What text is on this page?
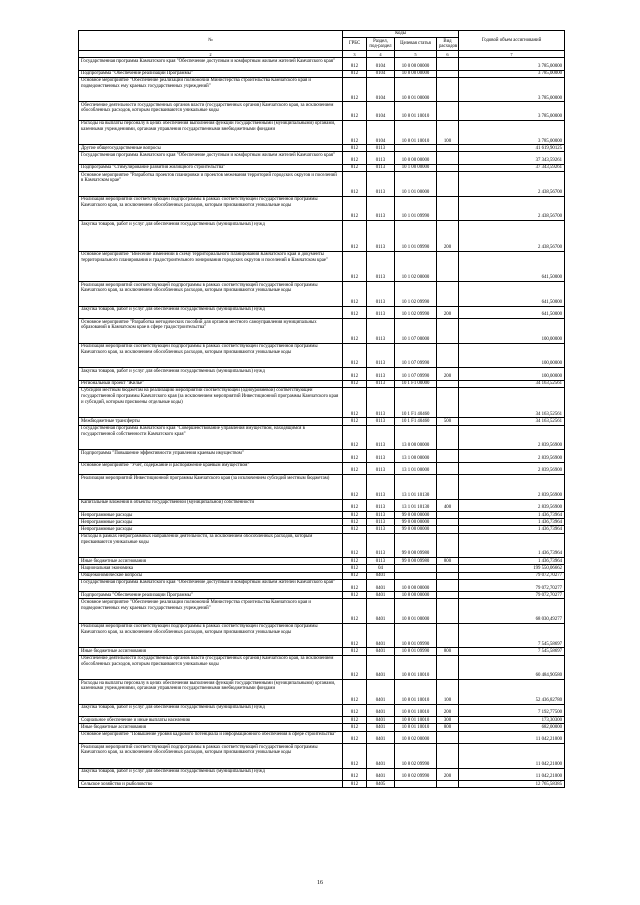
№	Коды				Годовой объем ассигнований
	ГРБС	Раздел, под-раздел	Целевая статья	Вид расходов	
2	3	4	5	6	7
Государственная программа Камчатского края "Обеспечение доступным и комфортным жильем жителей Камчатского края"	812	0104	10 0 00 00000		3 785,00000
Подпрограмма "Обеспечение реализации Программы"	812	0104	10 8 00 00000		3 785,00000
Основное мероприятие "Обеспечение реализации полномочий Министерства строительства Камчатского края и подведомственных ему краевых государственных учреждений"	812	0104	10 8 01 00000		3 785,00000
Обеспечение деятельности государственных органов власти (государственных органов) Камчатского края, за исключением обособленных расходов, которым присваиваются уникальные коды	812	0104	10 8 01 10010		3 785,00000
Расходы на выплаты персоналу в целях обеспечения выполнения функций государственными (муниципальными) органами, казенными учреждениями, органами управления государственными внебюджетными фондами	812	0104	10 8 01 10010	100	3 785,00000
Другие общегосударственные вопросы	812	0113			41 619,90125
Государственная программа Камчатского края "Обеспечение доступным и комфортным жильем жителей Камчатского края"	812	0113	10 0 00 00000		37 343,59261
Подпрограмма "Стимулирование развития жилищного строительства"	812	0113	10 1 00 00000		37 343,59261
Основное мероприятие "Разработка проектов планировки и проектов межевания территорий городских округов и поселений в Камчатском крае"	812	0113	10 1 01 00000		2 438,56700
Реализация мероприятий соответствующей подпрограммы в рамках соответствующей государственной программы Камчатского края, за исключением обособленных расходов, которым присваиваются уникальные коды	812	0113	10 1 01 09990		2 438,56700
Закупка товаров, работ и услуг для обеспечения государственных (муниципальных) нужд	812	0113	10 1 01 09990	200	2 438,56700
Основное мероприятие "Внесение изменений в схему территориального планирования Камчатского края и документы территориального планирования и градостроительного зонирования городских округов и поселений в Камчатском крае"	812	0113	10 1 02 00000		641,50000
Реализация мероприятий соответствующей подпрограммы в рамках соответствующей государственной программы Камчатского края, за исключением обособленных расходов, которым присваиваются уникальные коды	812	0113	10 1 02 09990		641,50000
Закупка товаров, работ и услуг для обеспечения государственных (муниципальных) нужд	812	0113	10 1 02 09990	200	641,50000
Основное мероприятие "Разработка методических пособий для органов местного самоуправления муниципальных образований в Камчатском крае в сфере градостроительства"	812	0113	10 1 07 00000		100,00000
Реализация мероприятий соответствующей подпрограммы в рамках соответствующей государственной программы Камчатского края, за исключением обособленных расходов, которым присваиваются уникальные коды	812	0113	10 1 07 09990		100,00000
Закупка товаров, работ и услуг для обеспечения государственных (муниципальных) нужд	812	0113	10 1 07 09990	200	100,00000
Региональный проект "Жилье"	812	0113	10 1 F1 00000		34 163,52561
Субсидии местным бюджетам на реализацию мероприятий соответствующей (одноуровневой) соответствующей государственной программы Камчатского края (за исключением мероприятий Инвестиционной программы Камчатского края и субсидий, которым присвоены отдельные коды)	812	0113	10 1 F1 40460		34 163,52561
Межбюджетные трансферты	812	0113	10 1 F1 40460	500	34 163,52561
Государственная программа Камчатского края "Совершенствование управления имуществом, находящимся в государственной собственности Камчатского края"	812	0113	13 0 00 00000		2 839,56900
Подпрограмма "Повышение эффективности управления краевым имуществом"	812	0113	13 1 00 00000		2 839,56900
Основное мероприятие "Учет, содержание и распоряжение краевым имуществом"	812	0113	13 1 01 00000		2 839,56900
Реализация мероприятий Инвестиционной программы Камчатского края (за исключением субсидий местным бюджетам)	812	0113	13 1 01 10130		2 839,56900
Капитальные вложения в объекты государственной (муниципальной) собственности	812	0113	13 1 01 10130	400	2 839,56900
Непрограммные расходы	812	0113	99 0 00 00000		1 436,73964
Непрограммные расходы	812	0113	99 0 00 00000		1 436,73964
Непрограммные расходы	812	0113	99 0 00 00000		1 436,73964
Расходы в рамках непрограммных направлений деятельности, за исключением обособленных расходов, которым присваиваются уникальные коды	812	0113	99 0 00 09980		1 436,73964
Иные бюджетные ассигнования	812	0113	99 0 00 09980	800	1 436,73964
Национальная экономика	812	04			199 550,06662
Общеэкономические вопросы	812	0401			79 072,70277
Государственная программа Камчатского края "Обеспечение доступным и комфортным жильем жителей Камчатского края"	812	0401	10 0 00 00000		79 072,70277
Подпрограмма "Обеспечение реализации Программы"	812	0401	10 8 00 00000		79 072,70277
Основное мероприятие "Обеспечение реализации полномочий Министерства строительства Камчатского края и подведомственных ему краевых государственных учреждений"	812	0401	10 8 01 00000		68 030,49277
Реализация мероприятий соответствующей подпрограммы в рамках соответствующей государственной программы Камчатского края, за исключением обособленных расходов, которым присваиваются уникальные коды	812	0401	10 8 01 09990		7 545,58697
Иные бюджетные ассигнования	812	0401	10 8 01 09990	800	7 545,58697
Обеспечение деятельности государственных органов власти (государственных органов) Камчатского края, за исключением обособленных расходов, которым присваиваются уникальные коды	812	0401	10 8 01 10010		60 484,90580
Расходы на выплаты персоналу в целях обеспечения выполнения функций государственными (муниципальными) органами, казенными учреждениями, органами управления государственными внебюджетными фондами	812	0401	10 8 01 10010	100	52 436,82780
Закупка товаров, работ и услуг для обеспечения государственных (муниципальных) нужд	812	0401	10 8 01 10010	200	7 192,77500
Социальное обеспечение и иные выплаты населению	812	0401	10 8 01 10010	300	173,30300
Иные бюджетные ассигнования	812	0401	10 8 01 10010	800	682,00000
Основное мероприятие "Повышение уровня кадрового потенциала и информационного обеспечения в сфере строительства"	812	0401	10 8 02 00000		11 042,21000
Реализация мероприятий соответствующей подпрограммы в рамках соответствующей государственной программы Камчатского края, за исключением обособленных расходов, которым присваиваются уникальные коды	812	0401	10 8 02 09990		11 042,21000
Закупка товаров, работ и услуг для обеспечения государственных (муниципальных) нужд	812	0401	10 8 02 09990	200	11 042,21000
Сельское хозяйство и рыболовство	812	0405			12 765,58385
16
